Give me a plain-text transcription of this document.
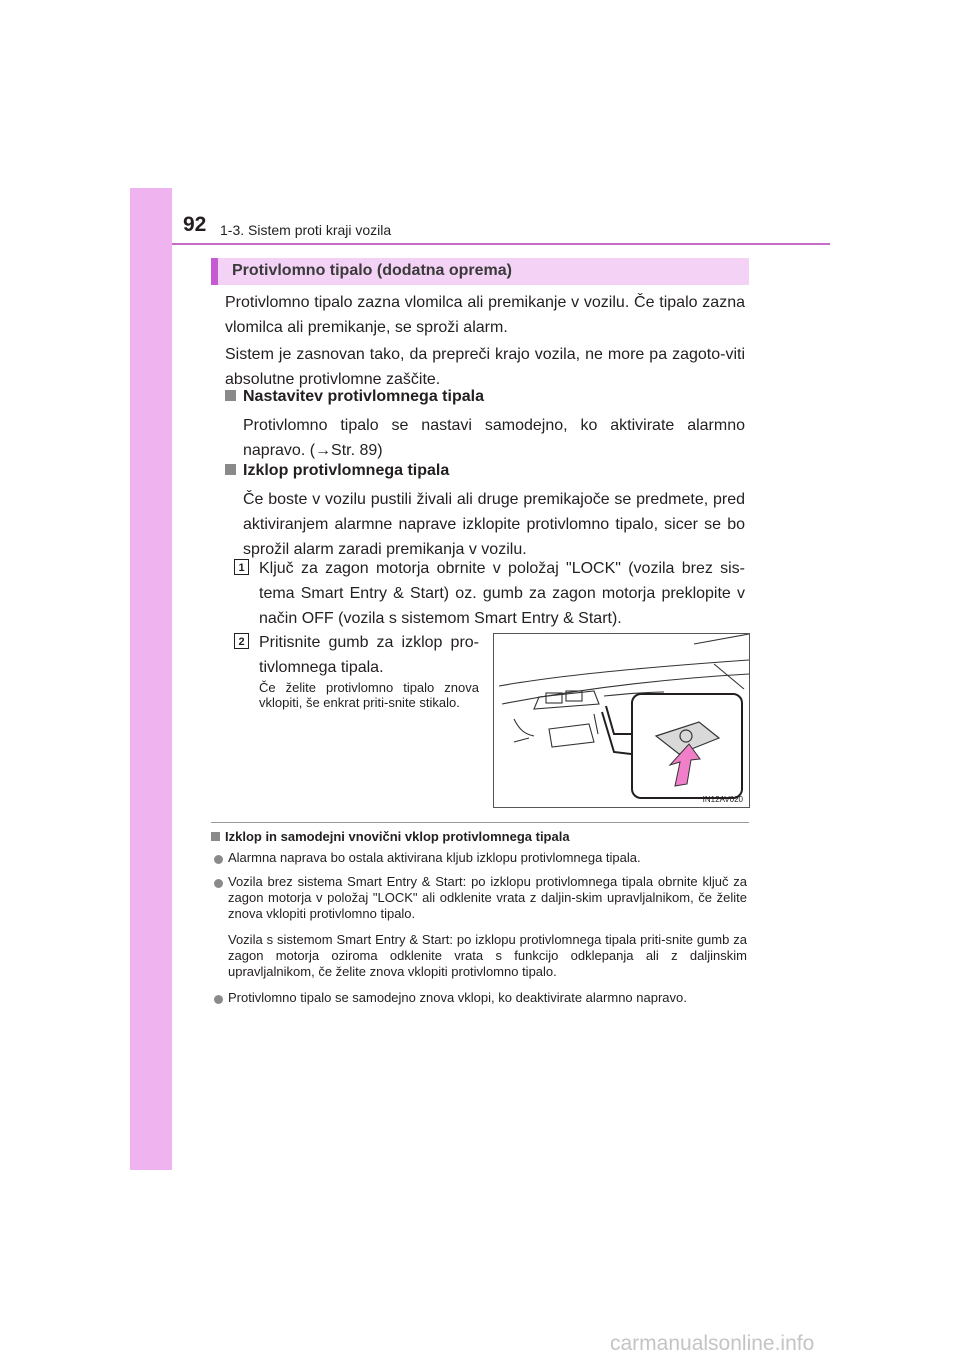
92 1-3. Sistem proti kraji vozila
Protivlomno tipalo (dodatna oprema)
Protivlomno tipalo zazna vlomilca ali premikanje v vozilu. Če tipalo zazna vlomilca ali premikanje, se sproži alarm.
Sistem je zasnovan tako, da prepreči krajo vozila, ne more pa zagoto-viti absolutne protivlomne zaščite.
Nastavitev protivlomnega tipala
Protivlomno tipalo se nastavi samodejno, ko aktivirate alarmno napravo. (→Str. 89)
Izklop protivlomnega tipala
Če boste v vozilu pustili živali ali druge premikajoče se predmete, pred aktiviranjem alarmne naprave izklopite protivlomno tipalo, sicer se bo sprožil alarm zaradi premikanja v vozilu.
1 Ključ za zagon motorja obrnite v položaj "LOCK" (vozila brez sis-tema Smart Entry & Start) oz. gumb za zagon motorja preklopite v način OFF (vozila s sistemom Smart Entry & Start).
2 Pritisnite gumb za izklop pro-tivlomnega tipala.
Če želite protivlomno tipalo znova vklopiti, še enkrat priti-snite stikalo.
IN12AV020
Izklop in samodejni vnovični vklop protivlomnega tipala
Alarmna naprava bo ostala aktivirana kljub izklopu protivlomnega tipala.
Vozila brez sistema Smart Entry & Start: po izklopu protivlomnega tipala obrnite ključ za zagon motorja v položaj "LOCK" ali odklenite vrata z daljin-skim upravljalnikom, če želite znova vklopiti protivlomno tipalo.
Vozila s sistemom Smart Entry & Start: po izklopu protivlomnega tipala priti-snite gumb za zagon motorja oziroma odklenite vrata s funkcijo odklepanja ali z daljinskim upravljalnikom, če želite znova vklopiti protivlomno tipalo.
Protivlomno tipalo se samodejno znova vklopi, ko deaktivirate alarmno napravo.
carmanualsonline.info
